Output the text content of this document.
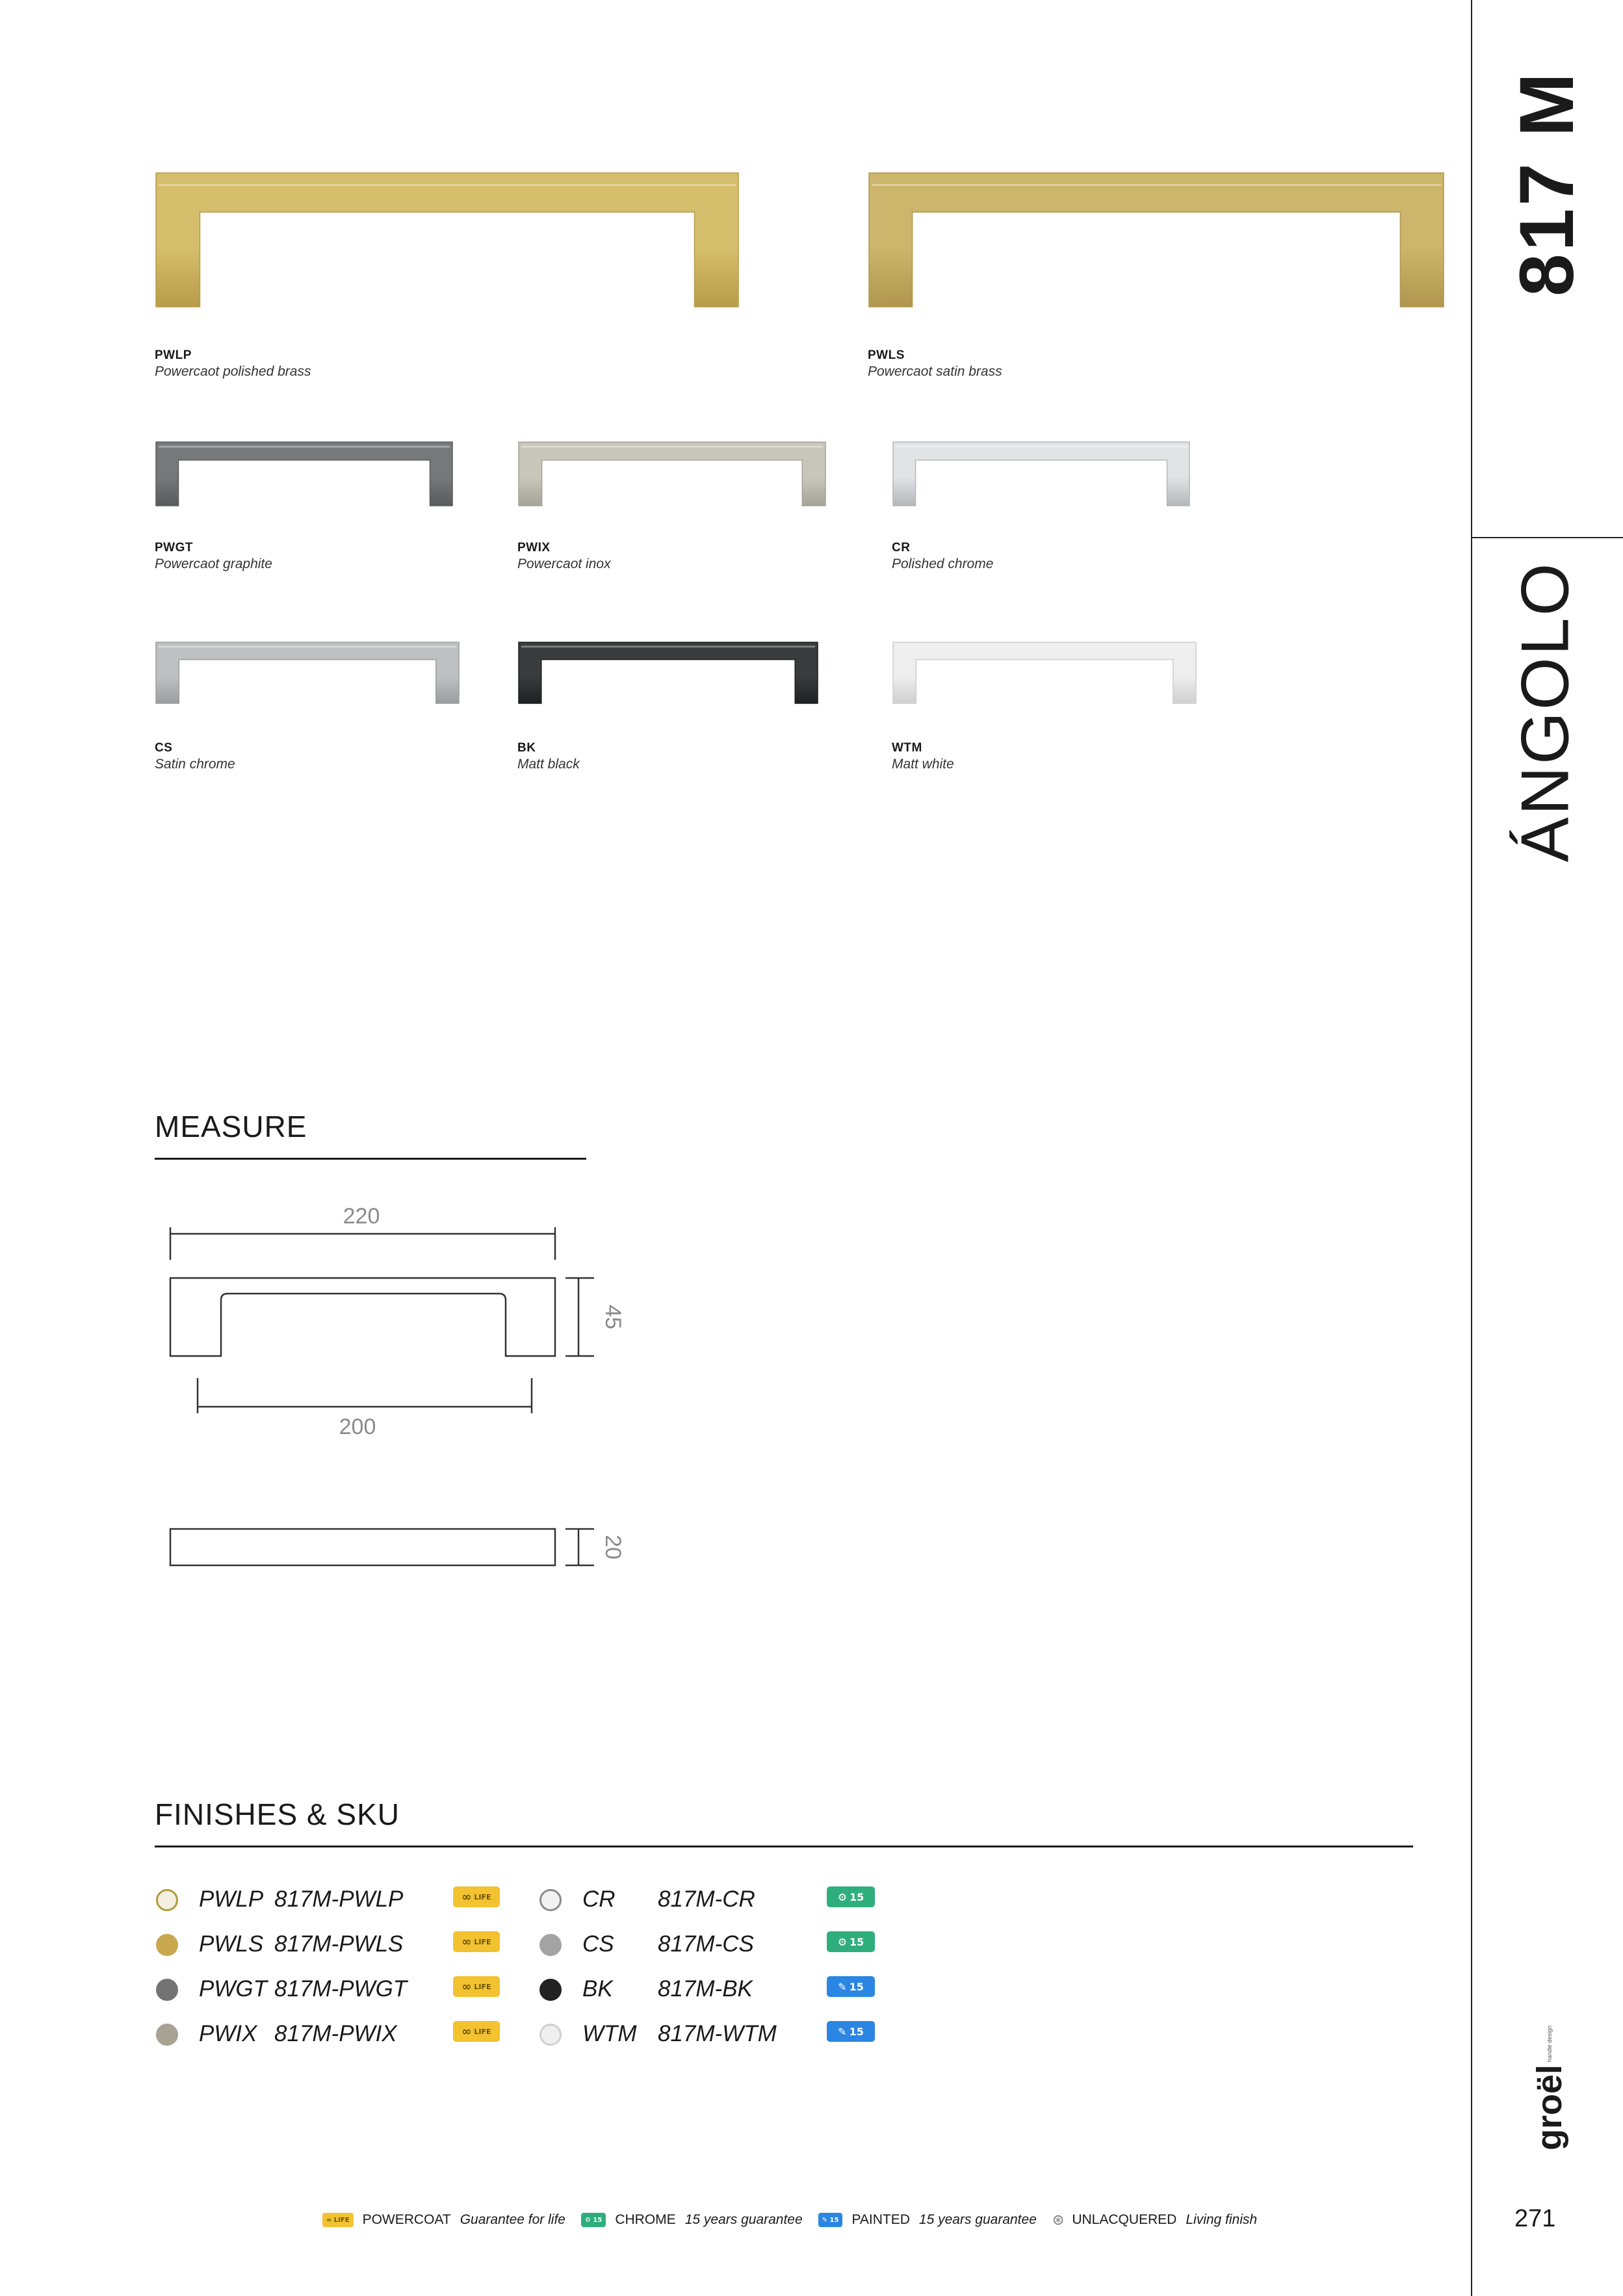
817 M
ÁNGOLO
groël
handle design
271
PWLP
Powercaot polished brass
PWLS
Powercaot satin brass
PWGT
Powercaot graphite
PWIX
Powercaot inox
CR
Polished chrome
CS
Satin chrome
BK
Matt black
WTM
Matt white
MEASURE
220
200
45
20
FINISHES & SKU
PWLP 817M-PWLP	∞ LIFE
PWLS 817M-PWLS	∞ LIFE
PWGT 817M-PWGT	∞ LIFE
PWIX 817M-PWIX	∞ LIFE
CR 817M-CR	⚙ 15
CS 817M-CS	⚙ 15
BK 817M-BK	✎ 15
WTM 817M-WTM	✎ 15
∞ LIFE POWERCOAT Guarantee for life	⚙ 15 CHROME 15 years guarantee	✎ 15 PAINTED 15 years guarantee ⊛ UNLACQUERED Living finish
